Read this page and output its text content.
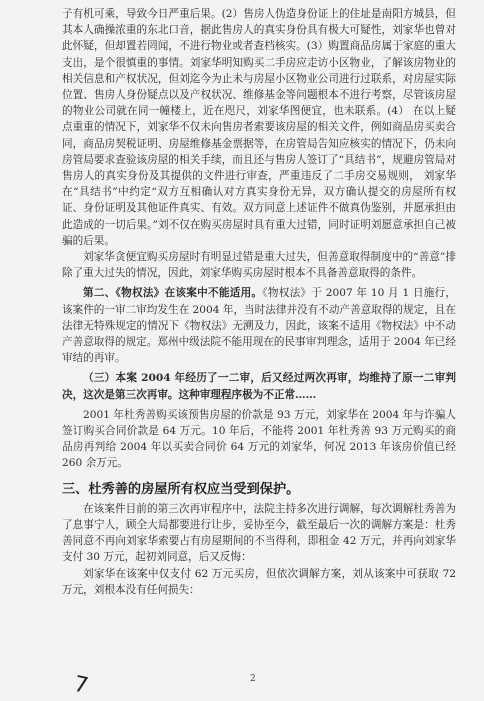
子有机可乘，导致今日严重后果。(2）售房人伪造身份证上的住址是南阳方城县，但其本人确操浓重的东北口音，据此售房人的真实身份具有极大可疑性，刘家华也曾对此怀疑，但却置若罔闻，不进行物业或者查档核实。(3）购置商品房属于家庭的重大支出，是个很慎重的事情。刘家华明知购买二手房应走访小区物业，了解该房物业的相关信息和产权状况，但刘迄今为止未与房屋小区物业公司进行过联系，对房屋实际位置、售房人身份疑点以及产权状况、维修基金等问题根本不进行考察，尽管该房屋的物业公司就在同一幢楼上，近在咫尺，刘家华图便宜，也未联系。(4） 在以上疑点重重的情况下，刘家华不仅未向售房者索要该房屋的相关文件，例如商品房买卖合同，商品房契税证明、房屋维修基金票据等，在房管局告知应核实的情况下，仍未向房管局要求查验该房屋的相关手续，而且还与售房人签订了“具结书”，规避房管局对售房人的真实身份及其提供的文件进行审查，严重违反了二手房交易规则， 刘家华在“具结书”中约定“双方互相确认对方真实身份无异，双方确认提交的房屋所有权证、身份证明及其他证件真实、有效。双方同意上述证件不做真伪鉴别，并愿承担由此造成的一切后果。”刘不仅在购买房屋时具有重大过错，同时证明刘愿意承担自己被骗的后果。

刘家华贪便宜购买房屋时有明显过错是重大过失，但善意取得制度中的“善意”排除了重大过失的情况，因此，刘家华购买房屋时根本不具备善意取得的条件。

第二、《物权法》在该案中不能适用。《物权法》于 2007 年 10 月 1 日施行，该案件的一审二审均发生在 2004 年，当时法律并没有不动产善意取得的规定，且在法律无特殊规定的情况下《物权法》无溯及力，因此，该案不适用《物权法》中不动产善意取得的规定。郑州中级法院不能用现在的民事审判理念，适用于 2004 年已经审结的再审。

（三）本案 2004 年经历了一二审，后又经过两次再审，均维持了原一二审判决，这次是第三次再审。这种审理程序极为不正常……

2001 年杜秀善购买该预售房屋的价款是 93 万元，刘家华在 2004 年与诈骗人签订购买合同价款是 64 万元。10 年后，不能将 2001 年杜秀善 93 万元购买的商品房再判给 2004 年以买卖合同价 64 万元的刘家华，何况 2013 年该房价值已经 260 余万元。

三、杜秀善的房屋所有权应当受到保护。

在该案件目前的第三次再审程序中，法院主持多次进行调解，每次调解杜秀善为了息事宁人，顾全大局都要进行让步，妥协至今，截至最后一次的调解方案是：杜秀善同意不再向刘家华索要占有房屋期间的不当得利，即租金 42 万元，并再向刘家华支付 30 万元，起初刘同意，后又反悔：

刘家华在该案中仅支付 62 万元买房，但依次调解方案，刘从该案中可获取 72 万元，刘根本没有任何损失：

7	2
